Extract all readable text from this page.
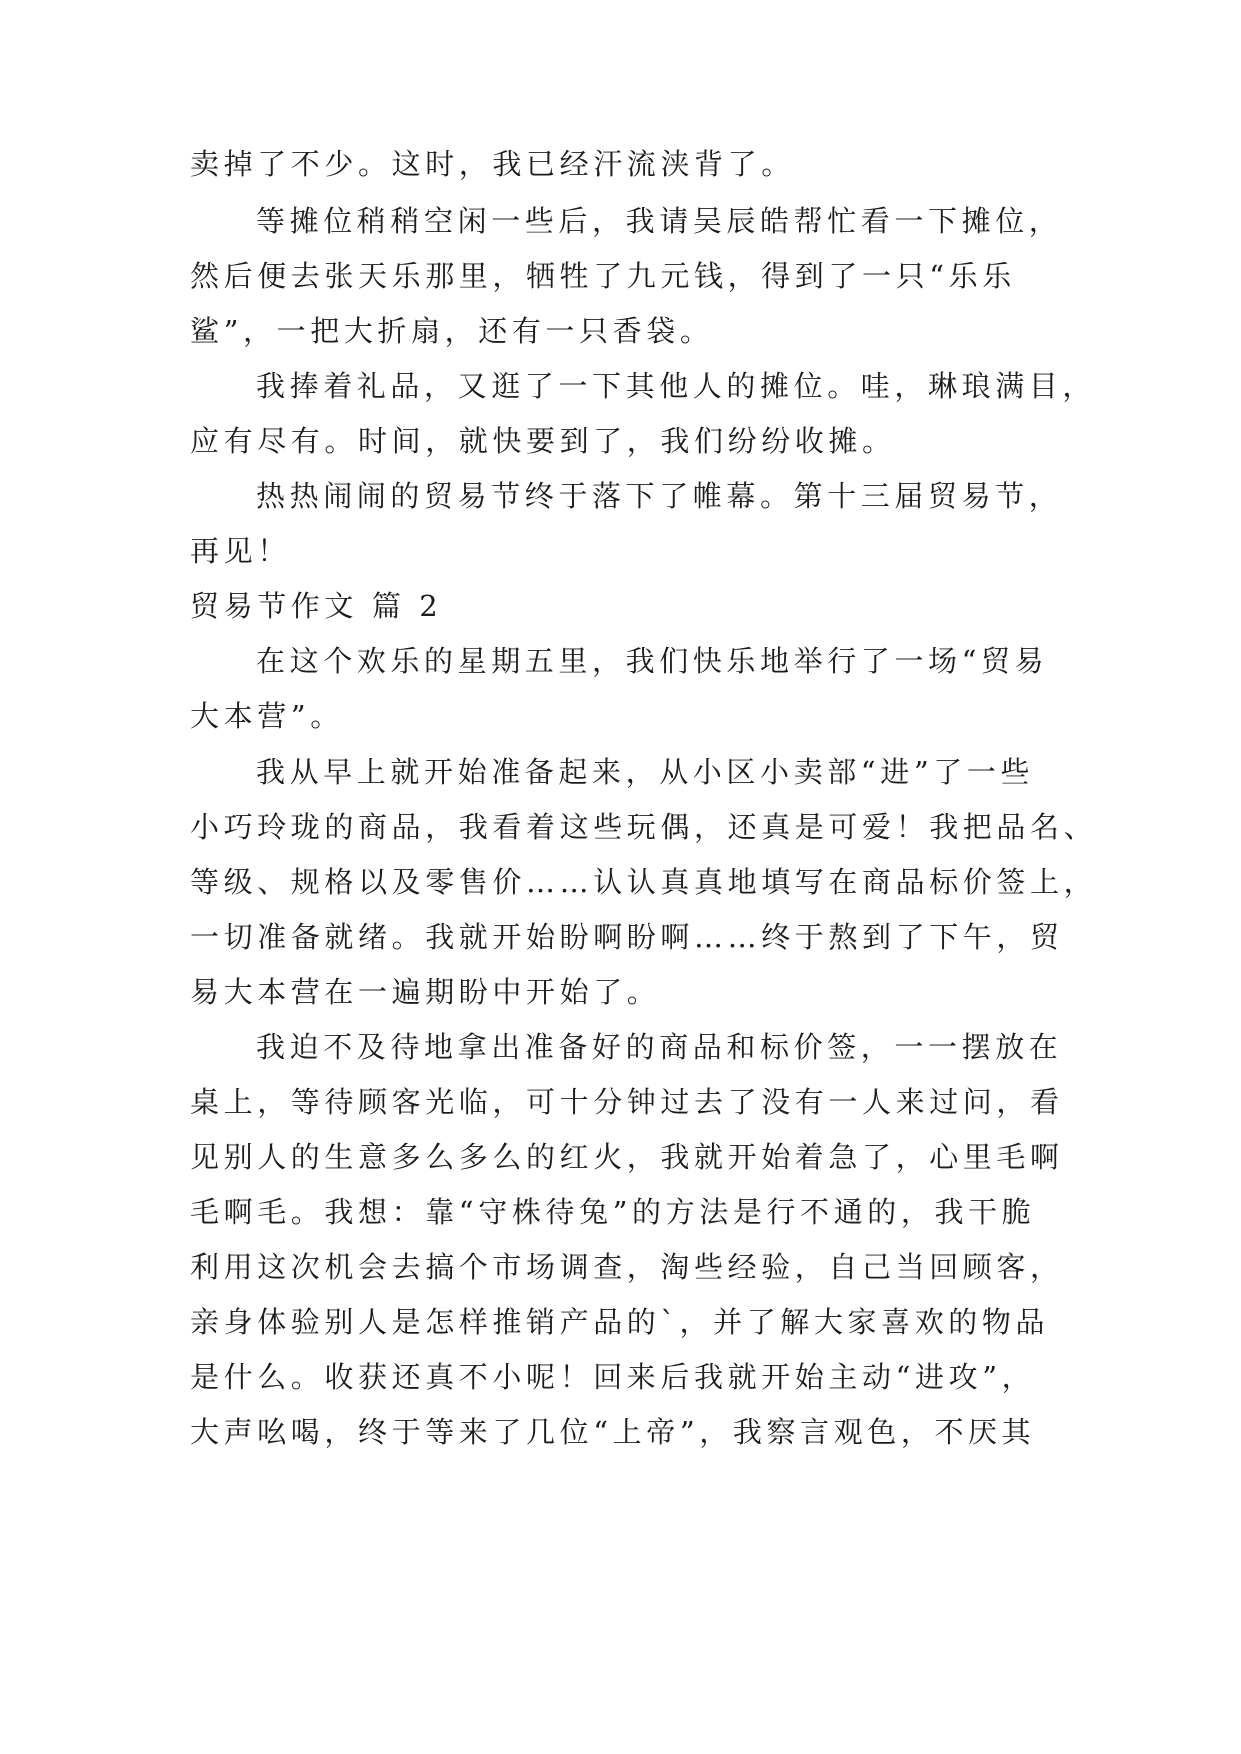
卖掉了不少。这时，我已经汗流浃背了。

等摊位稍稍空闲一些后，我请吴辰皓帮忙看一下摊位，

然后便去张天乐那里，牺牲了九元钱，得到了一只“乐乐

鲨”，一把大折扇，还有一只香袋。

我捧着礼品，又逛了一下其他人的摊位。哇，琳琅满目，

应有尽有。时间，就快要到了，我们纷纷收摊。

热热闹闹的贸易节终于落下了帷幕。第十三届贸易节，

再见！

贸易节作文 篇 2

在这个欢乐的星期五里，我们快乐地举行了一场“贸易

大本营”。

我从早上就开始准备起来，从小区小卖部“进”了一些

小巧玲珑的商品，我看着这些玩偶，还真是可爱！我把品名、

等级、规格以及零售价……认认真真地填写在商品标价签上，

一切准备就绪。我就开始盼啊盼啊……终于熬到了下午，贸

易大本营在一遍期盼中开始了。

我迫不及待地拿出准备好的商品和标价签，一一摆放在

桌上，等待顾客光临，可十分钟过去了没有一人来过问，看

见别人的生意多么多么的红火，我就开始着急了，心里毛啊

毛啊毛。我想：靠“守株待兔”的方法是行不通的，我干脆

利用这次机会去搞个市场调查，淘些经验，自己当回顾客，

亲身体验别人是怎样推销产品的`，并了解大家喜欢的物品

是什么。收获还真不小呢！回来后我就开始主动“进攻”，

大声吆喝，终于等来了几位“上帝”，我察言观色，不厌其
